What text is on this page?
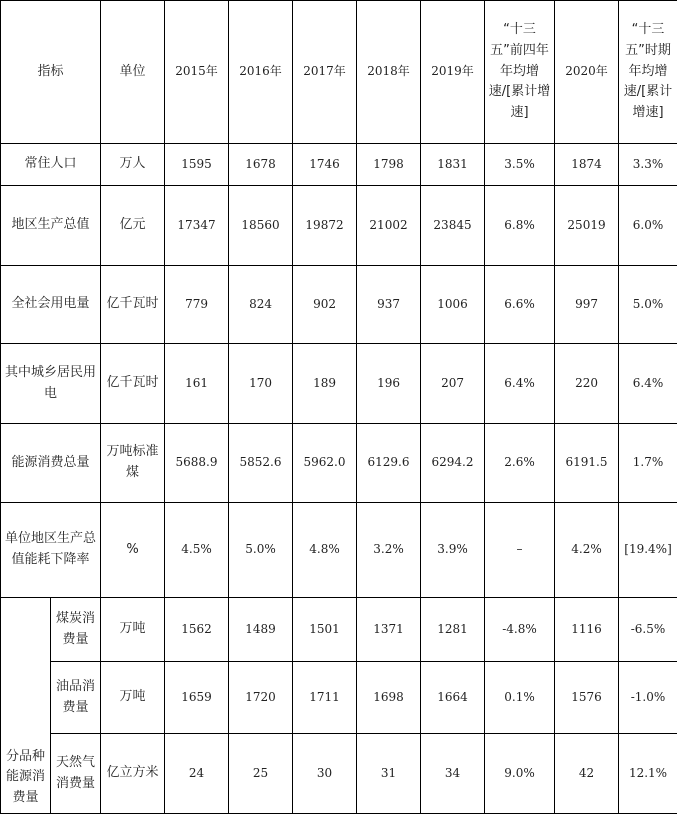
指标		单位	2015年	2016年	2017年	2018年	2019年	“十三五”前四年年均增速/[累计增速]	2020年	“十三五”时期年均增速/[累计增速]
常住人口		万人	1595	1678	1746	1798	1831	3.5%	1874	3.3%
地区生产总值		亿元	17347	18560	19872	21002	23845	6.8%	25019	6.0%
全社会用电量		亿千瓦时	779	824	902	937	1006	6.6%	997	5.0%
其中城乡居民用电		亿千瓦时	161	170	189	196	207	6.4%	220	6.4%
能源消费总量		万吨标准煤	5688.9	5852.6	5962.0	6129.6	6294.2	2.6%	6191.5	1.7%
单位地区生产总值能耗下降率		%	4.5%	5.0%	4.8%	3.2%	3.9%	–	4.2%	[19.4%]
分品种能源消费量	煤炭消费量	万吨	1562	1489	1501	1371	1281	-4.8%	1116	-6.5%
	油品消费量	万吨	1659	1720	1711	1698	1664	0.1%	1576	-1.0%
	天然气消费量	亿立方米	24	25	30	31	34	9.0%	42	12.1%
